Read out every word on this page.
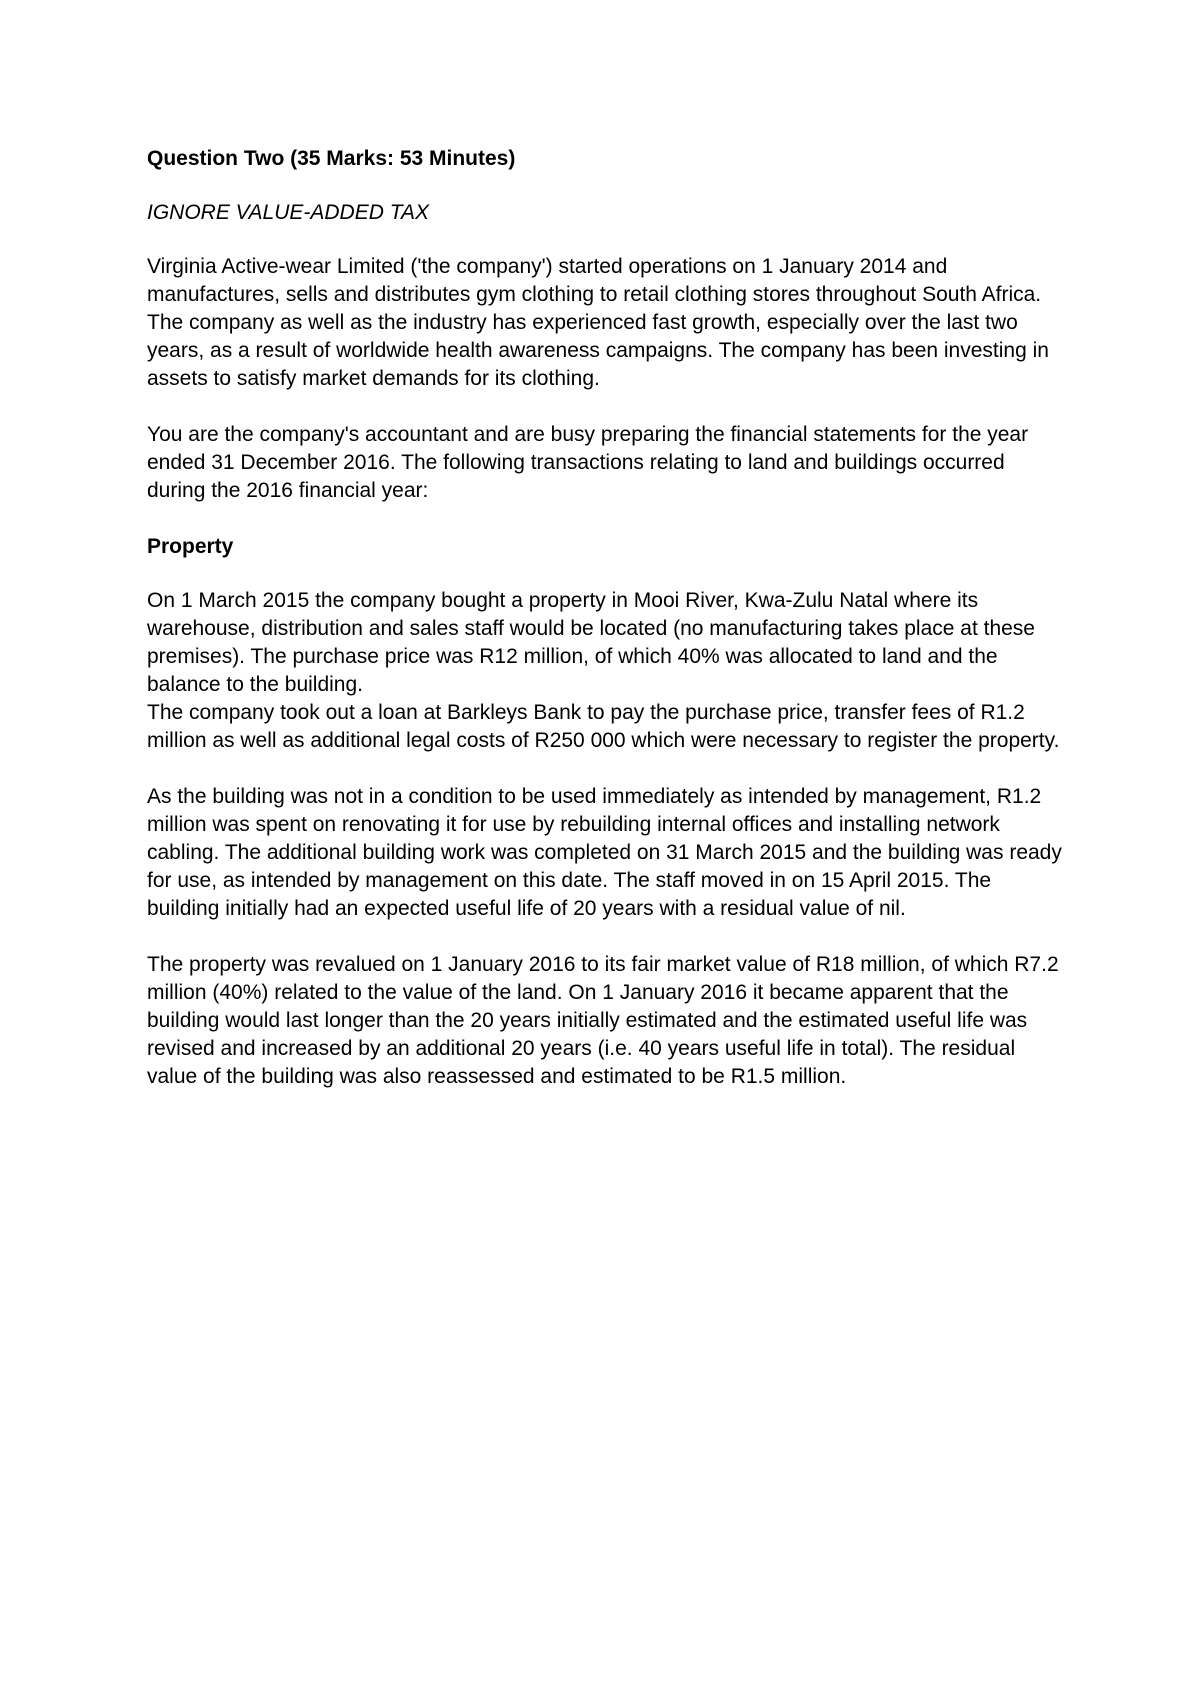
Question Two (35 Marks: 53 Minutes)
IGNORE VALUE-ADDED TAX

Virginia Active-wear Limited ('the company') started operations on 1 January 2014 and manufactures, sells and distributes gym clothing to retail clothing stores throughout South Africa. The company as well as the industry has experienced fast growth, especially over the last two years, as a result of worldwide health awareness campaigns. The company has been investing in assets to satisfy market demands for its clothing.

You are the company's accountant and are busy preparing the financial statements for the year ended 31 December 2016. The following transactions relating to land and buildings occurred during the 2016 financial year:

Property

On 1 March 2015 the company bought a property in Mooi River, Kwa-Zulu Natal where its warehouse, distribution and sales staff would be located (no manufacturing takes place at these premises). The purchase price was R12 million, of which 40% was allocated to land and the balance to the building.

The company took out a loan at Barkleys Bank to pay the purchase price, transfer fees of R1.2 million as well as additional legal costs of R250 000 which were necessary to register the property.

As the building was not in a condition to be used immediately as intended by management, R1.2 million was spent on renovating it for use by rebuilding internal offices and installing network cabling. The additional building work was completed on 31 March 2015 and the building was ready for use, as intended by management on this date. The staff moved in on 15 April 2015. The building initially had an expected useful life of 20 years with a residual value of nil.

The property was revalued on 1 January 2016 to its fair market value of R18 million, of which R7.2 million (40%) related to the value of the land. On 1 January 2016 it became apparent that the building would last longer than the 20 years initially estimated and the estimated useful life was revised and increased by an additional 20 years (i.e. 40 years useful life in total). The residual value of the building was also reassessed and estimated to be R1.5 million.
